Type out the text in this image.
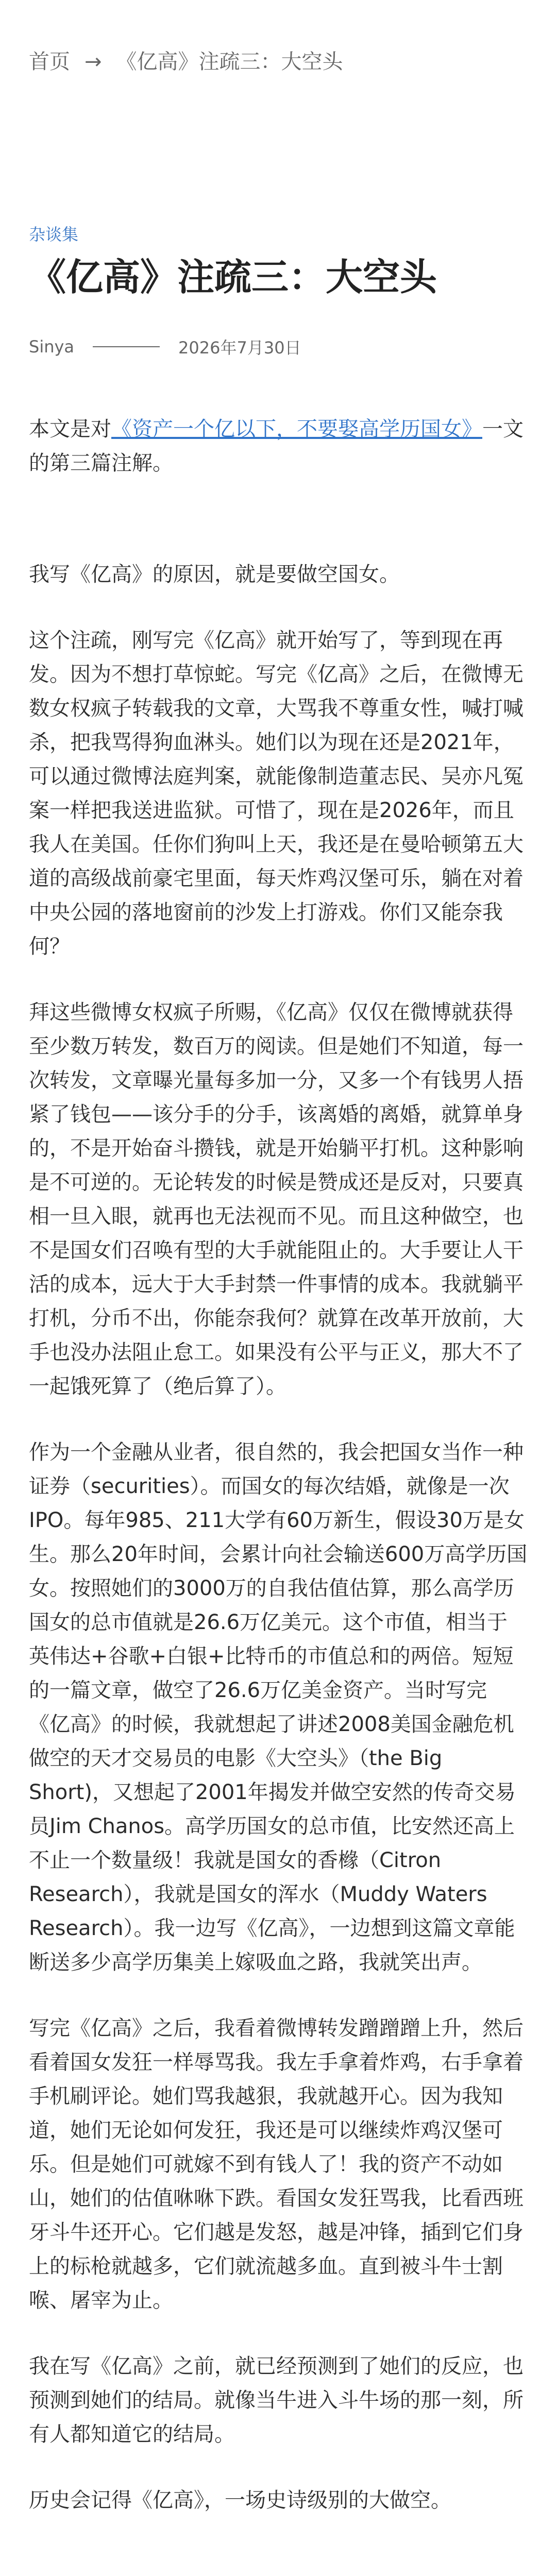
首页 → 《亿高》注疏三：大空头
杂谈集
《亿高》注疏三：大空头
Sinya	2026年7月30日

本文是对《资产一个亿以下，不要娶高学历国女》一文的第三篇注解。

我写《亿高》的原因，就是要做空国女。

这个注疏，刚写完《亿高》就开始写了，等到现在再发。因为不想打草惊蛇。写完《亿高》之后，在微博无数女权疯子转载我的文章，大骂我不尊重女性，喊打喊杀，把我骂得狗血淋头。她们以为现在还是2021年，可以通过微博法庭判案，就能像制造董志民、吴亦凡冤案一样把我送进监狱。可惜了，现在是2026年，而且我人在美国。任你们狗叫上天，我还是在曼哈顿第五大道的高级战前豪宅里面，每天炸鸡汉堡可乐，躺在对着中央公园的落地窗前的沙发上打游戏。你们又能奈我何？

拜这些微博女权疯子所赐，《亿高》仅仅在微博就获得至少数万转发，数百万的阅读。但是她们不知道，每一次转发，文章曝光量每多加一分，又多一个有钱男人捂紧了钱包——该分手的分手，该离婚的离婚，就算单身的，不是开始奋斗攒钱，就是开始躺平打机。这种影响是不可逆的。无论转发的时候是赞成还是反对，只要真相一旦入眼，就再也无法视而不见。而且这种做空，也不是国女们召唤有型的大手就能阻止的。大手要让人干活的成本，远大于大手封禁一件事情的成本。我就躺平打机，分币不出，你能奈我何？就算在改革开放前，大手也没办法阻止怠工。如果没有公平与正义，那大不了一起饿死算了（绝后算了）。

作为一个金融从业者，很自然的，我会把国女当作一种证券（securities）。而国女的每次结婚，就像是一次IPO。每年985、211大学有60万新生，假设30万是女生。那么20年时间，会累计向社会输送600万高学历国女。按照她们的3000万的自我估值估算，那么高学历国女的总市值就是26.6万亿美元。这个市值，相当于英伟达+谷歌+白银+比特币的市值总和的两倍。短短的一篇文章，做空了26.6万亿美金资产。当时写完《亿高》的时候，我就想起了讲述2008美国金融危机做空的天才交易员的电影《大空头》（the Big Short)，又想起了2001年揭发并做空安然的传奇交易员Jim Chanos。高学历国女的总市值，比安然还高上不止一个数量级！我就是国女的香橼（Citron Research），我就是国女的浑水（Muddy Waters Research）。我一边写《亿高》，一边想到这篇文章能断送多少高学历集美上嫁吸血之路，我就笑出声。

写完《亿高》之后，我看着微博转发蹭蹭蹭上升，然后看着国女发狂一样辱骂我。我左手拿着炸鸡，右手拿着手机刷评论。她们骂我越狠，我就越开心。因为我知道，她们无论如何发狂，我还是可以继续炸鸡汉堡可乐。但是她们可就嫁不到有钱人了！我的资产不动如山，她们的估值咻咻下跌。看国女发狂骂我，比看西班牙斗牛还开心。它们越是发怒，越是冲锋，插到它们身上的标枪就越多，它们就流越多血。直到被斗牛士割喉、屠宰为止。

我在写《亿高》之前，就已经预测到了她们的反应，也预测到她们的结局。就像当牛进入斗牛场的那一刻，所有人都知道它的结局。

历史会记得《亿高》，一场史诗级别的大做空。
